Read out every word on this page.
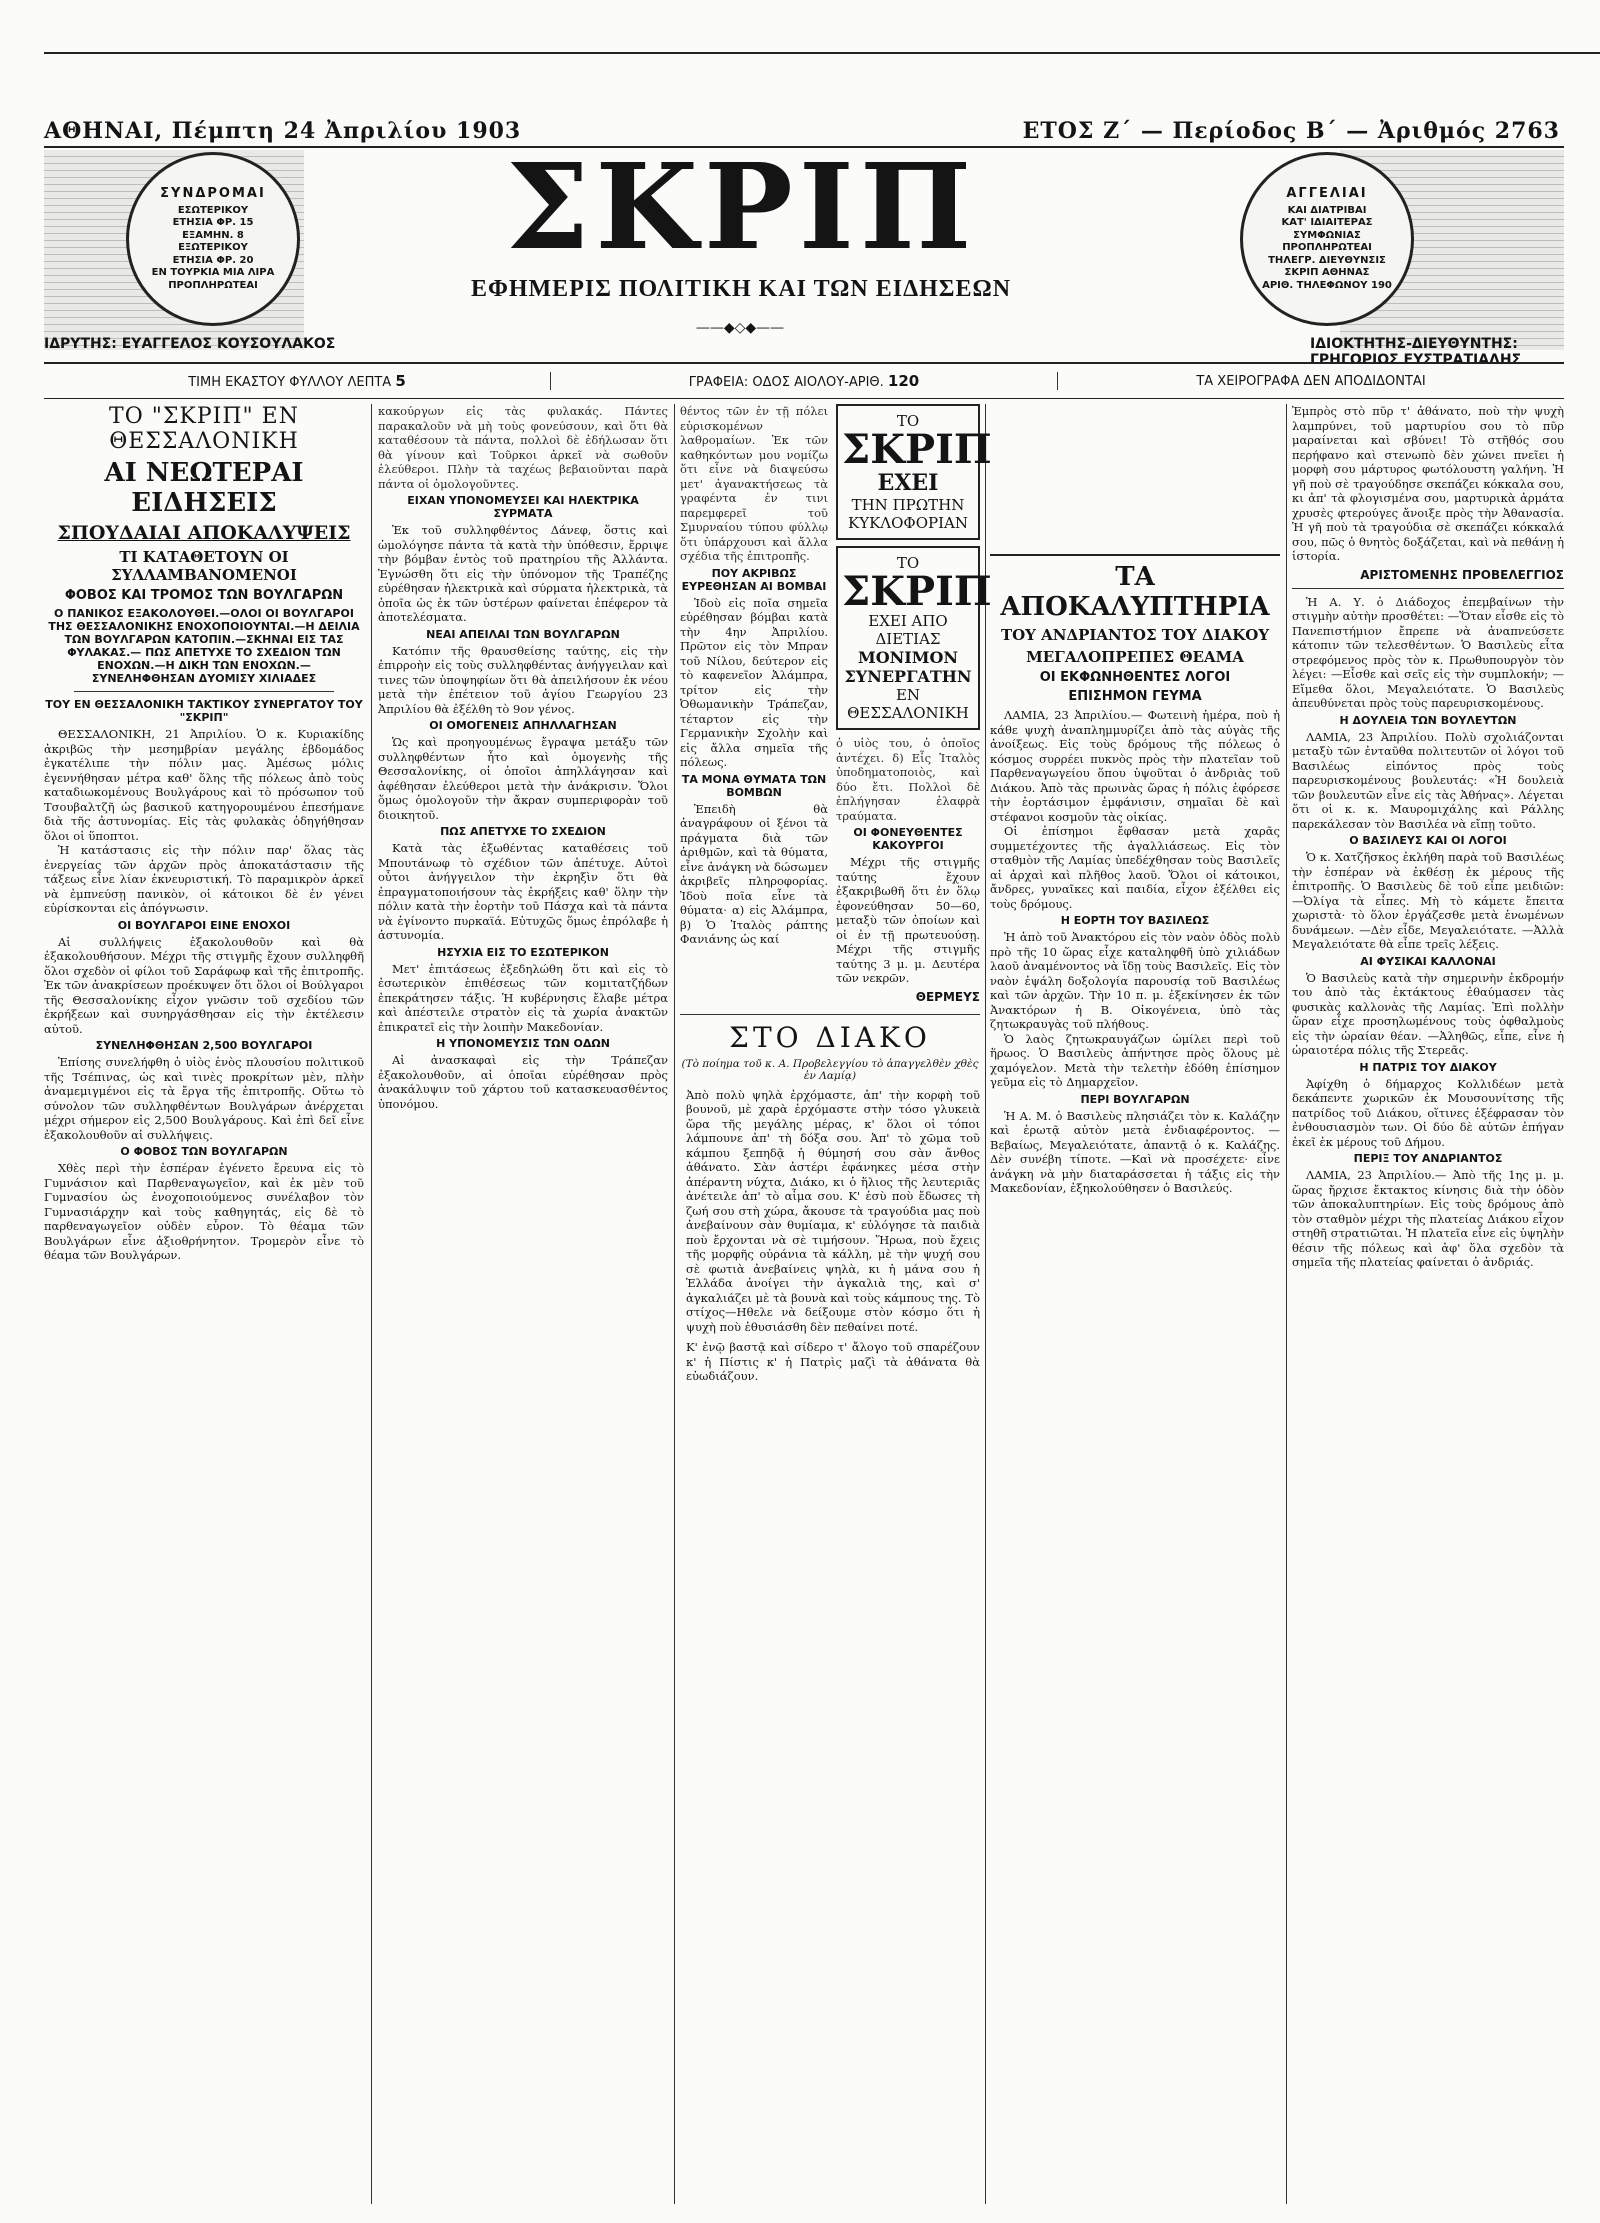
ΑΘΗΝΑΙ, Πέμπτη 24 Ἀπριλίου 1903	ΕΤΟΣ Ζ΄ — Περίοδος Β΄ — Ἀριθμός 2763
ΣΥΝΔΡΟΜΑΙ
ΕΣΩΤΕΡΙΚΟΥ
ΕΤΗΣΙΑ ΦΡ. 15
ΕΞΑΜΗΝ. 8
ΕΞΩΤΕΡΙΚΟΥ
ΕΤΗΣΙΑ ΦΡ. 20
ΕΝ ΤΟΥΡΚΙΑ ΜΙΑ ΛΙΡΑ
ΠΡΟΠΛΗΡΩΤΕΑΙ
ΣΚΡΙΠ
ΕΦΗΜΕΡΙΣ ΠΟΛΙΤΙΚΗ ΚΑΙ ΤΩΝ ΕΙΔΗΣΕΩΝ
——◆◇◆——
ΑΓΓΕΛΙΑΙ
ΚΑΙ ΔΙΑΤΡΙΒΑΙ
ΚΑΤ' ΙΔΙΑΙΤΕΡΑΣ
ΣΥΜΦΩΝΙΑΣ
ΠΡΟΠΛΗΡΩΤΕΑΙ
ΤΗΛΕΓΡ. ΔΙΕΥΘΥΝΣΙΣ
ΣΚΡΙΠ ΑΘΗΝΑΣ
ΑΡΙΘ. ΤΗΛΕΦΩΝΟΥ 190
ΙΔΡΥΤΗΣ: ΕΥΑΓΓΕΛΟΣ ΚΟΥΣΟΥΛΑΚΟΣ	ΙΔΙΟΚΤΗΤΗΣ-ΔΙΕΥΘΥΝΤΗΣ: ΓΡΗΓΟΡΙΟΣ ΕΥΣΤΡΑΤΙΑΔΗΣ
ΤΙΜΗ ΕΚΑΣΤΟΥ ΦΥΛΛΟΥ ΛΕΠΤΑ 5	ΓΡΑΦΕΙΑ: ΟΔΟΣ ΑΙΟΛΟΥ-ΑΡΙΘ. 120	ΤΑ ΧΕΙΡΟΓΡΑΦΑ ΔΕΝ ΑΠΟΔΙΔΟΝΤΑΙ
ΤΟ "ΣΚΡΙΠ" ΕΝ ΘΕΣΣΑΛΟΝΙΚΗ
ΑΙ ΝΕΩΤΕΡΑΙ ΕΙΔΗΣΕΙΣ
ΣΠΟΥΔΑΙΑΙ ΑΠΟΚΑΛΥΨΕΙΣ
ΤΙ ΚΑΤΑΘΕΤΟΥΝ ΟΙ ΣΥΛΛΑΜΒΑΝΟΜΕΝΟΙ
ΦΟΒΟΣ ΚΑΙ ΤΡΟΜΟΣ ΤΩΝ ΒΟΥΛΓΑΡΩΝ
Ο ΠΑΝΙΚΟΣ ΕΞΑΚΟΛΟΥΘΕΙ.—ΟΛΟΙ ΟΙ ΒΟΥΛΓΑΡΟΙ ΤΗΣ ΘΕΣΣΑΛΟΝΙΚΗΣ ΕΝΟΧΟΠΟΙΟΥΝΤΑΙ.—Η ΔΕΙΛΙΑ ΤΩΝ ΒΟΥΛΓΑΡΩΝ ΚΑΤΟΠΙΝ.—ΣΚΗΝΑΙ ΕΙΣ ΤΑΣ ΦΥΛΑΚΑΣ.— ΠΩΣ ΑΠΕΤΥΧΕ ΤΟ ΣΧΕΔΙΟΝ ΤΩΝ ΕΝΟΧΩΝ.—Η ΔΙΚΗ ΤΩΝ ΕΝΟΧΩΝ.— ΣΥΝΕΛΗΦΘΗΣΑΝ ΔΥΟΜΙΣΥ ΧΙΛΙΑΔΕΣ
ΤΟΥ ΕΝ ΘΕΣΣΑΛΟΝΙΚΗ ΤΑΚΤΙΚΟΥ ΣΥΝΕΡΓΑΤΟΥ ΤΟΥ "ΣΚΡΙΠ"

ΘΕΣΣΑΛΟΝΙΚΗ, 21 Ἀπριλίου. Ὁ κ. Κυριακίδης ἀκριβῶς τὴν μεσημβρίαν μεγάλης ἑβδομάδος ἐγκατέλιπε τὴν πόλιν μας. Ἀμέσως μόλις ἐγεννήθησαν μέτρα καθ' ὅλης τῆς πόλεως ἀπὸ τοὺς καταδιωκομένους Βουλγάρους καὶ τὸ πρόσωπον τοῦ Τσουβαλτζῆ ὡς βασικοῦ κατηγορουμένου ἐπεσήμανε διὰ τῆς ἀστυνομίας. Εἰς τὰς φυλακὰς ὁδηγήθησαν ὅλοι οἱ ὕποπτοι.

Ἡ κατάστασις εἰς τὴν πόλιν παρ' ὅλας τὰς ἐνεργείας τῶν ἀρχῶν πρὸς ἀποκατάστασιν τῆς τάξεως εἶνε λίαν ἐκνευριστική. Τὸ παραμικρὸν ἀρκεῖ νὰ ἐμπνεύσῃ πανικὸν, οἱ κάτοικοι δὲ ἐν γένει εὑρίσκονται εἰς ἀπόγνωσιν.

ΟΙ ΒΟΥΛΓΑΡΟΙ ΕΙΝΕ ΕΝΟΧΟΙ

Αἱ συλλήψεις ἐξακολουθοῦν καὶ θὰ ἐξακολουθήσουν. Μέχρι τῆς στιγμῆς ἔχουν συλληφθῆ ὅλοι σχεδὸν οἱ φίλοι τοῦ Σαράφωφ καὶ τῆς ἐπιτροπῆς. Ἐκ τῶν ἀνακρίσεων προέκυψεν ὅτι ὅλοι οἱ Βούλγαροι τῆς Θεσσαλονίκης εἶχον γνῶσιν τοῦ σχεδίου τῶν ἐκρήξεων καὶ συνηργάσθησαν εἰς τὴν ἐκτέλεσιν αὐτοῦ.

ΣΥΝΕΛΗΦΘΗΣΑΝ 2,500 ΒΟΥΛΓΑΡΟΙ

Ἐπίσης συνελήφθη ὁ υἱὸς ἑνὸς πλουσίου πολιτικοῦ τῆς Τσέπινας, ὡς καὶ τινὲς προκρίτων μὲν, πλὴν ἀναμεμιγμένοι εἰς τὰ ἔργα τῆς ἐπιτροπῆς. Οὕτω τὸ σύνολον τῶν συλληφθέντων Βουλγάρων ἀνέρχεται μέχρι σήμερον εἰς 2,500 Βουλγάρους. Καὶ ἐπὶ δεῖ εἶνε ἐξακολουθοῦν αἱ συλλήψεις.

Ο ΦΟΒΟΣ ΤΩΝ ΒΟΥΛΓΑΡΩΝ

Χθὲς περὶ τὴν ἑσπέραν ἐγένετο ἔρευνα εἰς τὸ Γυμνάσιον καὶ Παρθεναγωγεῖον, καὶ ἐκ μὲν τοῦ Γυμνασίου ὡς ἐνοχοποιούμενος συνέλαβον τὸν Γυμνασιάρχην καὶ τοὺς καθηγητάς, εἰς δὲ τὸ παρθεναγωγεῖον οὐδὲν εὗρον. Τὸ θέαμα τῶν Βουλγάρων εἶνε ἀξιοθρήνητον. Τρομερὸν εἶνε τὸ θέαμα τῶν Βουλγάρων.

κακούργων εἰς τὰς φυλακάς. Πάντες παρακαλοῦν νὰ μὴ τοὺς φονεύσουν, καὶ ὅτι θὰ καταθέσουν τὰ πάντα, πολλοὶ δὲ ἐδήλωσαν ὅτι θὰ γίνουν καὶ Τοῦρκοι ἀρκεῖ νὰ σωθοῦν ἐλεύθεροι. Πλὴν τὰ ταχέως βεβαιοῦνται παρὰ πάντα οἱ ὁμολογοῦντες.

ΕΙΧΑΝ ΥΠΟΝΟΜΕΥΣΕΙ ΚΑΙ ΗΛΕΚΤΡΙΚΑ ΣΥΡΜΑΤΑ

Ἐκ τοῦ συλληφθέντος Δάνεφ, ὅστις καὶ ὡμολόγησε πάντα τὰ κατὰ τὴν ὑπόθεσιν, ἔρριψε τὴν βόμβαν ἐντὸς τοῦ πρατηρίου τῆς Ἀλλάντα. Ἐγνώσθη ὅτι εἰς τὴν ὑπόνομον τῆς Τραπέζης εὑρέθησαν ἠλεκτρικὰ καὶ σύρματα ἠλεκτρικὰ, τὰ ὁποῖα ὡς ἐκ τῶν ὑστέρων φαίνεται ἐπέφερον τὰ ἀποτελέσματα.

ΝΕΑΙ ΑΠΕΙΛΑΙ ΤΩΝ ΒΟΥΛΓΑΡΩΝ

Κατόπιν τῆς θραυσθείσης ταύτης, εἰς τὴν ἐπιρροὴν εἰς τοὺς συλληφθέντας ἀνήγγειλαν καὶ τινες τῶν ὑποψηφίων ὅτι θὰ ἀπειλήσουν ἐκ νέου μετὰ τὴν ἐπέτειον τοῦ ἁγίου Γεωργίου 23 Ἀπριλίου θὰ ἐξέλθη τὸ 9ον γένος.

ΟΙ ΟΜΟΓΕΝΕΙΣ ΑΠΗΛΛΑΓΗΣΑΝ

Ὡς καὶ προηγουμένως ἔγραψα μετάξυ τῶν συλληφθέντων ἦτο καὶ ὁμογενὴς τῆς Θεσσαλονίκης, οἱ ὁποῖοι ἀπηλλάγησαν καὶ ἀφέθησαν ἐλεύθεροι μετὰ τὴν ἀνάκρισιν. Ὅλοι ὅμως ὁμολογοῦν τὴν ἄκραν συμπεριφορὰν τοῦ διοικητοῦ.

ΠΩΣ ΑΠΕΤΥΧΕ ΤΟ ΣΧΕΔΙΟΝ

Κατὰ τὰς ἐξωθέντας καταθέσεις τοῦ Μπουτάνωφ τὸ σχέδιον τῶν ἀπέτυχε. Αὐτοὶ οὗτοι ἀνήγγειλον τὴν ἐκρηξὶν ὅτι θὰ ἐπραγματοποιήσουν τὰς ἐκρήξεις καθ' ὅλην τὴν πόλιν κατὰ τὴν ἑορτὴν τοῦ Πάσχα καὶ τὰ πάντα νὰ ἐγίνοντο πυρκαϊά. Εὐτυχῶς ὅμως ἐπρόλαβε ἡ ἀστυνομία.

ΗΣΥΧΙΑ ΕΙΣ ΤΟ ΕΣΩΤΕΡΙΚΟΝ

Μετ' ἐπιτάσεως ἐξεδηλώθη ὅτι καὶ εἰς τὸ ἐσωτερικὸν ἐπιθέσεως τῶν κομιτατζήδων ἐπεκράτησεν τάξις. Ἡ κυβέρνησις ἔλαβε μέτρα καὶ ἀπέστειλε στρατὸν εἰς τὰ χωρία ἀνακτῶν ἐπικρατεῖ εἰς τὴν λοιπὴν Μακεδονίαν.

Η ΥΠΟΝΟΜΕΥΣΙΣ ΤΩΝ ΟΔΩΝ

Αἱ ἀνασκαφαὶ εἰς τὴν Τράπεζαν ἐξακολουθοῦν, αἱ ὁποῖαι εὑρέθησαν πρὸς ἀνακάλυψιν τοῦ χάρτου τοῦ κατασκευασθέντος ὑπονόμου.

θέντος τῶν ἐν τῇ πόλει εὑρισκομένων λαθρομαίων. Ἐκ τῶν καθηκόντων μου νομίζω ὅτι εἶνε νὰ διαψεύσω μετ' ἀγανακτήσεως τὰ γραφέντα ἐν τινι παρεμφερεῖ τοῦ Σμυρναίου τύπου φύλλῳ ὅτι ὑπάρχουσι καὶ ἄλλα σχέδια τῆς ἐπιτροπῆς.

ΠΟΥ ΑΚΡΙΒΩΣ ΕΥΡΕΘΗΣΑΝ ΑΙ ΒΟΜΒΑΙ

Ἰδοὺ εἰς ποῖα σημεῖα εὑρέθησαν βόμβαι κατὰ τὴν 4ην Ἀπριλίου. Πρῶτον εἰς τὸν Μπραν τοῦ Νίλου, δεύτερον εἰς τὸ καφενεῖον Ἀλάμπρα, τρίτον εἰς τὴν Ὀθωμανικὴν Τράπεζαν, τέταρτον εἰς τὴν Γερμανικὴν Σχολὴν καὶ εἰς ἄλλα σημεῖα τῆς πόλεως.

ΤΑ ΜΟΝΑ ΘΥΜΑΤΑ ΤΩΝ ΒΟΜΒΩΝ

Ἐπειδὴ θὰ ἀναγράφουν οἱ ξένοι τὰ πράγματα διὰ τῶν ἀριθμῶν, καὶ τὰ θύματα, εἶνε ἀνάγκη νὰ δώσωμεν ἀκριβεῖς πληροφορίας. Ἰδοὺ ποῖα εἶνε τὰ θύματα· α) εἰς Ἀλάμπρα, β) Ὁ Ἰταλὸς ράπτης Φανιάνης ὡς καί

ΤΟ
ΣΚΡΙΠ
ΕΧΕΙ
ΤΗΝ ΠΡΩΤΗΝ ΚΥΚΛΟΦΟΡΙΑΝ
ΤΟ
ΣΚΡΙΠ
ΕΧΕΙ ΑΠΟ ΔΙΕΤΙΑΣ
ΜΟΝΙΜΟΝ ΣΥΝΕΡΓΑΤΗΝ
ΕΝ ΘΕΣΣΑΛΟΝΙΚΗ

ὁ υἱὸς του, ὁ ὁποῖος ἀντέχει. δ) Εἷς Ἰταλὸς ὑποδηματοποιὸς, καὶ δύο ἔτι. Πολλοὶ δὲ ἐπλήγησαν ἐλαφρὰ τραύματα.

ΟΙ ΦΟΝΕΥΘΕΝΤΕΣ ΚΑΚΟΥΡΓΟΙ

Μέχρι τῆς στιγμῆς ταύτης ἔχουν ἐξακριβωθῆ ὅτι ἐν ὅλῳ ἐφονεύθησαν 50—60, μεταξὺ τῶν ὁποίων καὶ οἱ ἐν τῇ πρωτευούσῃ. Μέχρι τῆς στιγμῆς ταύτης 3 μ. μ. Δευτέρα τῶν νεκρῶν.

ΘΕΡΜΕΥΣ
ΣΤΟ ΔΙΑΚΟ
(Τὸ ποίημα τοῦ κ. Α. Προβελεγγίου τὸ ἀπαγγελθὲν χθὲς ἐν Λαμίᾳ)

Ἀπὸ πολὺ ψηλὰ ἐρχόμαστε, ἀπ' τὴν κορφὴ τοῦ βουνοῦ, μὲ χαρὰ ἐρχόμαστε στὴν τόσο γλυκειὰ ὥρα τῆς μεγάλης μέρας, κ' ὅλοι οἱ τόποι λάμπουνε ἀπ' τὴ δόξα σου. Ἀπ' τὸ χῶμα τοῦ κάμπου ξεπηδᾷ ἡ θύμησή σου σὰν ἄνθος ἀθάνατο. Σὰν ἀστέρι ἐφάνηκες μέσα στὴν ἀπέραντη νύχτα, Διάκο, κι ὁ ἥλιος τῆς λευτεριᾶς ἀνέτειλε ἀπ' τὸ αἷμα σου. Κ' ἐσὺ ποὺ ἔδωσες τὴ ζωή σου στὴ χώρα, ἄκουσε τὰ τραγούδια μας ποὺ ἀνεβαίνουν σὰν θυμίαμα, κ' εὐλόγησε τὰ παιδιὰ ποὺ ἔρχονται νὰ σὲ τιμήσουν. Ἥρωα, ποὺ ἔχεις τῆς μορφῆς οὐράνια τὰ κάλλη, μὲ τὴν ψυχή σου σὲ φωτιὰ ἀνεβαίνεις ψηλὰ, κι ἡ μάνα σου ἡ Ἑλλάδα ἀνοίγει τὴν ἀγκαλιὰ της, καὶ σ' ἀγκαλιάζει μὲ τὰ βουνὰ καὶ τοὺς κάμπους της. Τὸ στίχος—Ηθελε νὰ δείξουμε στὸν κόσμο ὅτι ἡ ψυχὴ ποὺ ἐθυσιάσθη δὲν πεθαίνει ποτέ.

Κ' ἐνῷ βαστᾷ καὶ σίδερο τ' ἄλογο τοῦ σπαρέζουν κ' ἡ Πίστις κ' ἡ Πατρὶς μαζὶ τὰ ἀθάνατα θὰ εὐωδιάζουν.

ΤΑ ΑΠΟΚΑΛΥΠΤΗΡΙΑ
ΤΟΥ ΑΝΔΡΙΑΝΤΟΣ ΤΟΥ ΔΙΑΚΟΥ
ΜΕΓΑΛΟΠΡΕΠΕΣ ΘΕΑΜΑ
ΟΙ ΕΚΦΩΝΗΘΕΝΤΕΣ ΛΟΓΟΙ
ΕΠΙΣΗΜΟΝ ΓΕΥΜΑ

ΛΑΜΙΑ, 23 Ἀπριλίου.— Φωτεινὴ ἡμέρα, ποὺ ἡ κάθε ψυχὴ ἀναπλημμυρίζει ἀπὸ τὰς αὐγὰς τῆς ἀνοίξεως. Εἰς τοὺς δρόμους τῆς πόλεως ὁ κόσμος συρρέει πυκνὸς πρὸς τὴν πλατεῖαν τοῦ Παρθεναγωγείου ὅπου ὑψοῦται ὁ ἀνδριὰς τοῦ Διάκου. Ἀπὸ τὰς πρωινὰς ὥρας ἡ πόλις ἐφόρεσε τὴν ἑορτάσιμον ἐμφάνισιν, σημαῖαι δὲ καὶ στέφανοι κοσμοῦν τὰς οἰκίας.

Οἱ ἐπίσημοι ἔφθασαν μετὰ χαρᾶς συμμετέχοντες τῆς ἀγαλλιάσεως. Εἰς τὸν σταθμὸν τῆς Λαμίας ὑπεδέχθησαν τοὺς Βασιλεῖς αἱ ἀρχαὶ καὶ πλῆθος λαοῦ. Ὅλοι οἱ κάτοικοι, ἄνδρες, γυναῖκες καὶ παιδία, εἶχον ἐξέλθει εἰς τοὺς δρόμους.

Η ΕΟΡΤΗ ΤΟΥ ΒΑΣΙΛΕΩΣ

Ἡ ἀπὸ τοῦ Ἀνακτόρου εἰς τὸν ναὸν ὁδὸς πολὺ πρὸ τῆς 10 ὥρας εἶχε καταληφθῆ ὑπὸ χιλιάδων λαοῦ ἀναμένοντος νὰ ἴδῃ τοὺς Βασιλεῖς. Εἰς τὸν ναὸν ἐψάλη δοξολογία παρουσίᾳ τοῦ Βασιλέως καὶ τῶν ἀρχῶν. Τὴν 10 π. μ. ἐξεκίνησεν ἐκ τῶν Ἀνακτόρων ἡ Β. Οἰκογένεια, ὑπὸ τὰς ζητωκραυγὰς τοῦ πλήθους.

Ὁ λαὸς ζητωκραυγάζων ὡμίλει περὶ τοῦ ἥρωος. Ὁ Βασιλεὺς ἀπήντησε πρὸς ὅλους μὲ χαμόγελον. Μετὰ τὴν τελετὴν ἐδόθη ἐπίσημον γεῦμα εἰς τὸ Δημαρχεῖον.

ΠΕΡΙ ΒΟΥΛΓΑΡΩΝ

Ἡ Α. Μ. ὁ Βασιλεὺς πλησιάζει τὸν κ. Καλάζην καὶ ἐρωτᾷ αὐτὸν μετὰ ἐνδιαφέροντος. —Βεβαίως, Μεγαλειότατε, ἀπαντᾷ ὁ κ. Καλάζης. Δὲν συνέβη τίποτε. —Καὶ νὰ προσέχετε· εἶνε ἀνάγκη νὰ μὴν διαταράσσεται ἡ τάξις εἰς τὴν Μακεδονίαν, ἐξηκολούθησεν ὁ Βασιλεύς.

Ἐμπρὸς στὸ πῦρ τ' ἀθάνατο, ποὺ τὴν ψυχὴ λαμπρύνει, τοῦ μαρτυρίου σου τὸ πῦρ μαραίνεται καὶ σβύνει! Τὸ στῆθός σου περήφανο καὶ στενωπὸ δὲν χώνει πνεῖει ἡ μορφὴ σου μάρτυρος φωτόλουστη γαλήνη. Ἡ γῆ ποὺ σὲ τραγούδησε σκεπάζει κόκκαλα σου, κι ἀπ' τὰ φλογισμένα σου, μαρτυρικὰ ἀρμάτα χρυσὲς φτερούγες ἄνοιξε πρὸς τὴν Ἀθανασία. Ἡ γῆ ποὺ τὰ τραγούδια σὲ σκεπάζει κόκκαλά σου, πῶς ὁ θνητὸς δοξάζεται, καὶ νὰ πεθάνῃ ἡ ἱστορία.

ΑΡΙΣΤΟΜΕΝΗΣ ΠΡΟΒΕΛΕΓΓΙΟΣ

Ἡ Α. Υ. ὁ Διάδοχος ἐπεμβαίνων τὴν στιγμὴν αὐτὴν προσθέτει: —Ὅταν εἶσθε εἰς τὸ Πανεπιστήμιον ἔπρεπε νὰ ἀναπνεύσετε κάτοπιν τῶν τελεσθέντων. Ὁ Βασιλεὺς εἶτα στρεφόμενος πρὸς τὸν κ. Πρωθυπουργὸν τὸν λέγει: —Εἶσθε καὶ σεῖς εἰς τὴν συμπλοκήν; —Εἴμεθα ὅλοι, Μεγαλειότατε. Ὁ Βασιλεὺς ἀπευθύνεται πρὸς τοὺς παρευρισκομένους.

Η ΔΟΥΛΕΙΑ ΤΩΝ ΒΟΥΛΕΥΤΩΝ

ΛΑΜΙΑ, 23 Ἀπριλίου. Πολὺ σχολιάζονται μεταξὺ τῶν ἐνταῦθα πολιτευτῶν οἱ λόγοι τοῦ Βασιλέως εἰπόντος πρὸς τοὺς παρευρισκομένους βουλευτάς: «Ἡ δουλειὰ τῶν βουλευτῶν εἶνε εἰς τὰς Ἀθήνας». Λέγεται ὅτι οἱ κ. κ. Μαυρομιχάλης καὶ Ράλλης παρεκάλεσαν τὸν Βασιλέα νὰ εἴπῃ τοῦτο.

Ο ΒΑΣΙΛΕΥΣ ΚΑΙ ΟΙ ΛΟΓΟΙ

Ὁ κ. Χατζῆσκος ἐκλήθη παρὰ τοῦ Βασιλέως τὴν ἑσπέραν νὰ ἐκθέσῃ ἐκ μέρους τῆς ἐπιτροπῆς. Ὁ Βασιλεὺς δὲ τοῦ εἶπε μειδιῶν: —Ὀλίγα τὰ εἶπες. Μὴ τὸ κάμετε ἔπειτα χωριστὰ· τὸ ὅλον ἐργάζεσθε μετὰ ἑνωμένων δυνάμεων. —Δὲν εἶδε, Μεγαλειότατε. —Ἀλλὰ Μεγαλειότατε θὰ εἶπε τρεῖς λέξεις.

ΑΙ ΦΥΣΙΚΑΙ ΚΑΛΛΟΝΑΙ

Ὁ Βασιλεὺς κατὰ τὴν σημερινὴν ἐκδρομήν του ἀπὸ τὰς ἐκτάκτους ἐθαύμασεν τὰς φυσικὰς καλλονὰς τῆς Λαμίας. Ἐπὶ πολλὴν ὥραν εἶχε προσηλωμένους τοὺς ὀφθαλμοὺς εἰς τὴν ὡραίαν θέαν. —Ἀληθῶς, εἶπε, εἶνε ἡ ὡραιοτέρα πόλις τῆς Στερεᾶς.

Η ΠΑΤΡΙΣ ΤΟΥ ΔΙΑΚΟΥ

Ἀφίχθη ὁ δήμαρχος Κολλιδέων μετὰ δεκάπεντε χωρικῶν ἐκ Μουσουνίτσης τῆς πατρίδος τοῦ Διάκου, οἵτινες ἐξέφρασαν τὸν ἐνθουσιασμὸν των. Οἱ δύο δὲ αὐτῶν ἐπήγαν ἐκεῖ ἐκ μέρους τοῦ Δήμου.

ΠΕΡΙΞ ΤΟΥ ΑΝΔΡΙΑΝΤΟΣ

ΛΑΜΙΑ, 23 Ἀπριλίου.— Ἀπὸ τῆς 1ης μ. μ. ὥρας ἤρχισε ἔκτακτος κίνησις διὰ τὴν ὁδὸν τῶν ἀποκαλυπτηρίων. Εἰς τοὺς δρόμους ἀπὸ τὸν σταθμὸν μέχρι τὴς πλατείας Διάκου εἶχον στηθῆ στρατιῶται. Ἡ πλατεῖα εἶνε εἰς ὑψηλὴν θέσιν τῆς πόλεως καὶ ἀφ' ὅλα σχεδὸν τὰ σημεῖα τῆς πλατείας φαίνεται ὁ ἀνδριάς.
